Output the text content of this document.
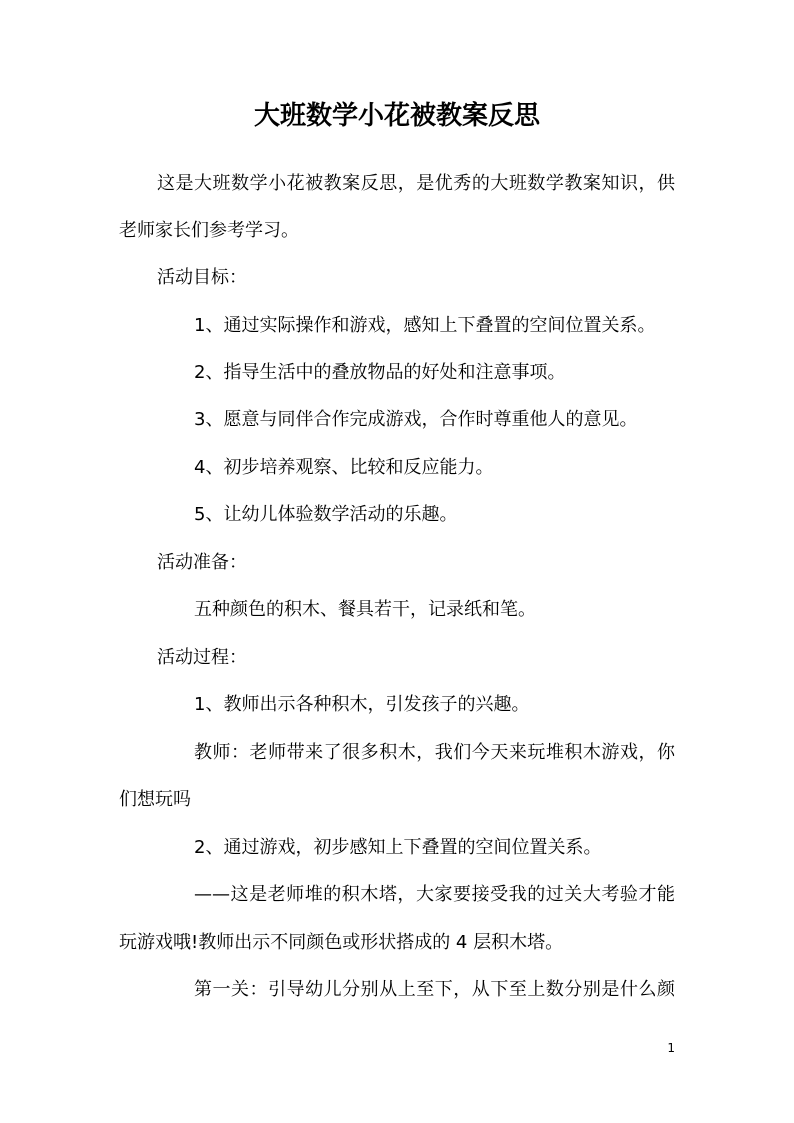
大班数学小花被教案反思

这是大班数学小花被教案反思，是优秀的大班数学教案知识，供

老师家长们参考学习。

活动目标：

1、通过实际操作和游戏，感知上下叠置的空间位置关系。

2、指导生活中的叠放物品的好处和注意事项。

3、愿意与同伴合作完成游戏，合作时尊重他人的意见。

4、初步培养观察、比较和反应能力。

5、让幼儿体验数学活动的乐趣。

活动准备：

五种颜色的积木、餐具若干，记录纸和笔。

活动过程：

1、教师出示各种积木，引发孩子的兴趣。

教师：老师带来了很多积木，我们今天来玩堆积木游戏，你

们想玩吗

2、通过游戏，初步感知上下叠置的空间位置关系。

——这是老师堆的积木塔，大家要接受我的过关大考验才能

玩游戏哦!教师出示不同颜色或形状搭成的 4 层积木塔。

第一关：引导幼儿分别从上至下，从下至上数分别是什么颜

1
